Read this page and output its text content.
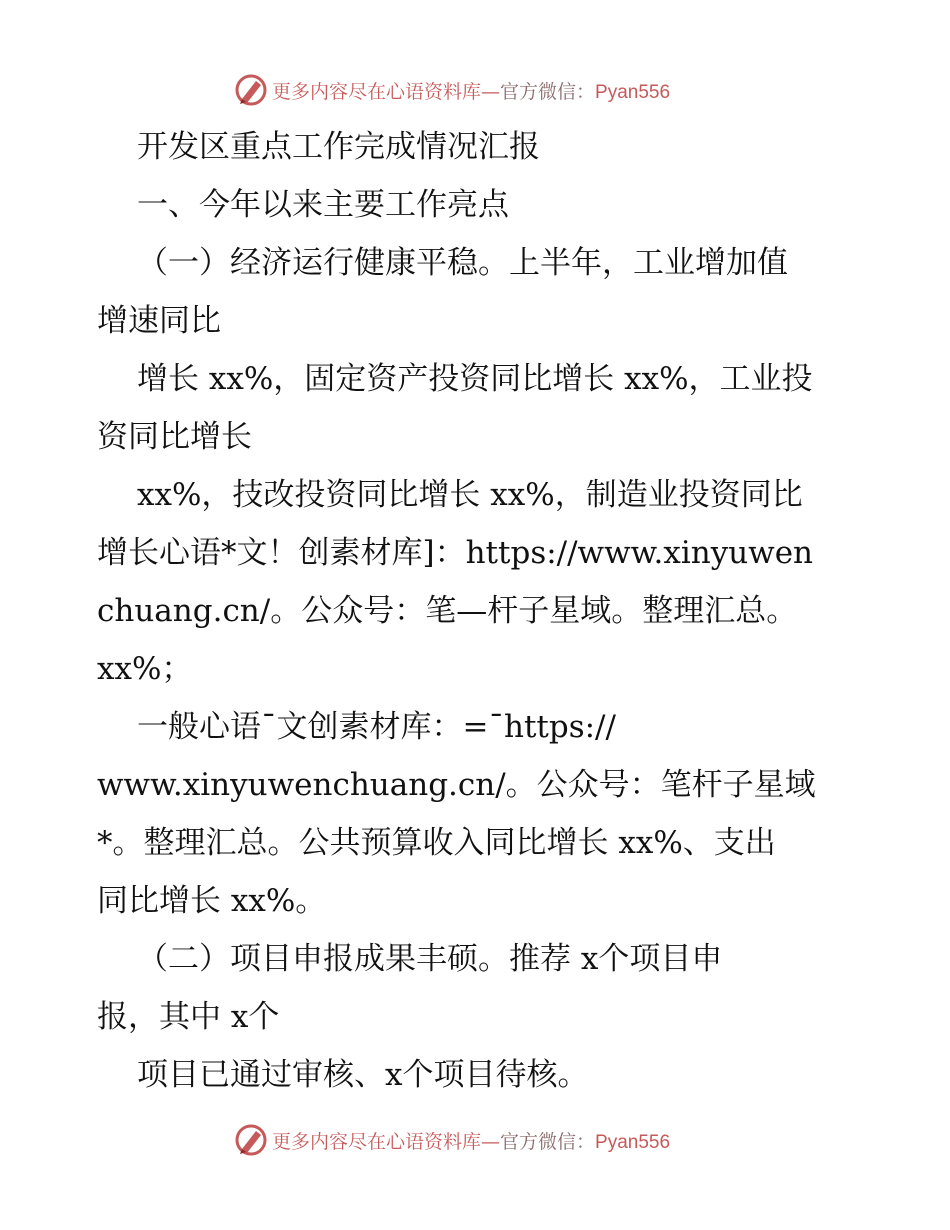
更多内容尽在心语资料库—官方微信：Pyan556
开发区重点工作完成情况汇报
一、今年以来主要工作亮点
（一）经济运行健康平稳。上半年，工业增加值
增速同比
增长 xx%，固定资产投资同比增长 xx%，工业投
资同比增长
xx%，技改投资同比增长 xx%，制造业投资同比
增长心语*文！创素材库]：https://www.xinyuwen
chuang.cn/。公众号：笔—杆子星域。整理汇总。
xx%；
一般心语¯文创素材库：=¯https://
www.xinyuwenchuang.cn/。公众号：笔杆子星域
*。整理汇总。公共预算收入同比增长 xx%、支出
同比增长 xx%。
（二）项目申报成果丰硕。推荐 x个项目申
报，其中 x个
项目已通过审核、x个项目待核。
更多内容尽在心语资料库—官方微信：Pyan556
